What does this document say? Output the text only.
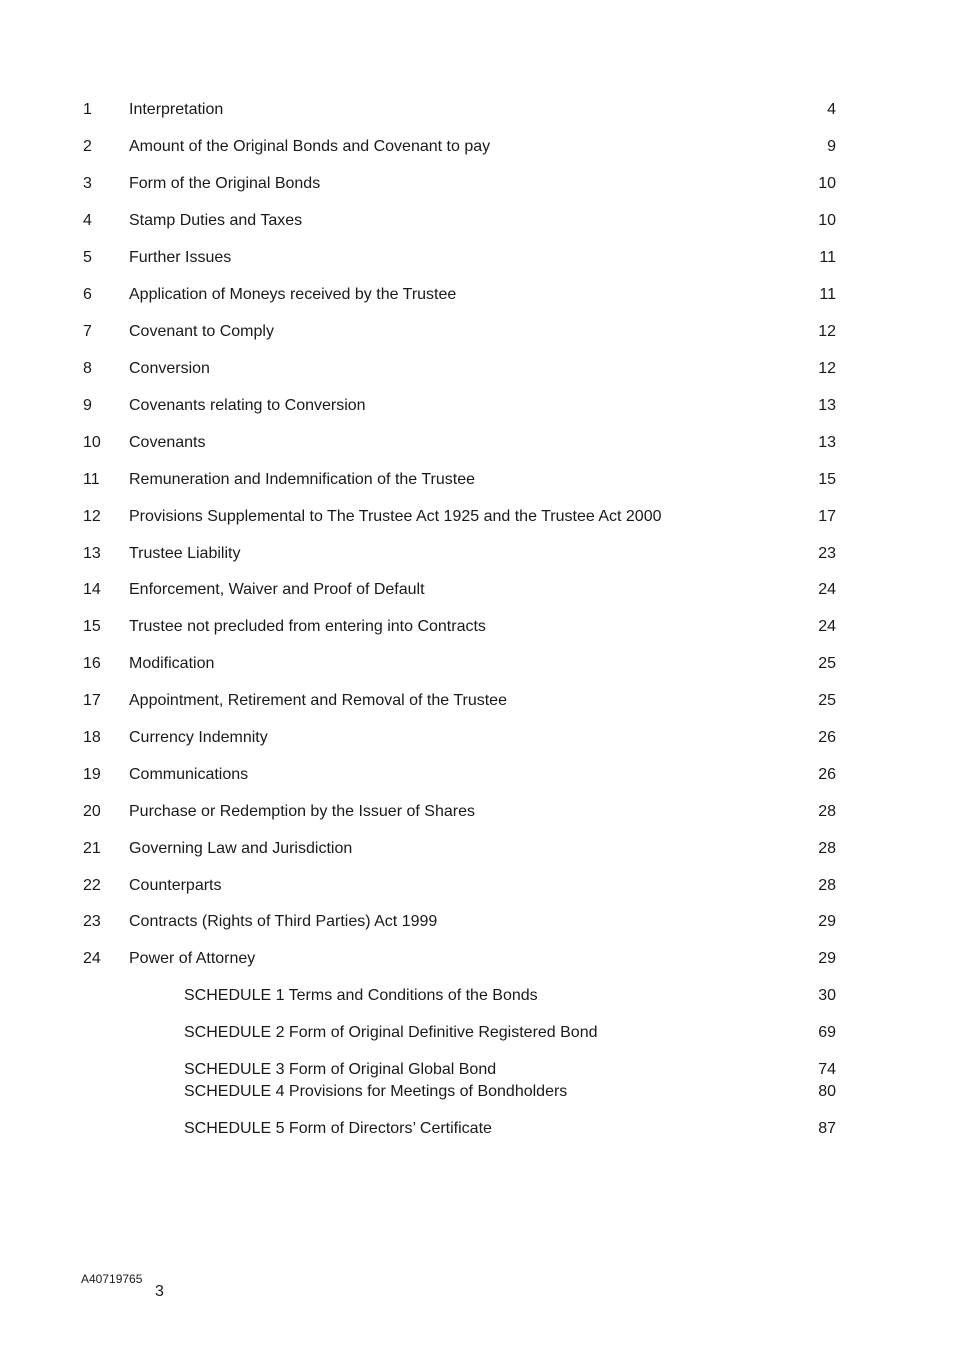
1 Interpretation	4
2 Amount of the Original Bonds and Covenant to pay	9
3 Form of the Original Bonds	10
4 Stamp Duties and Taxes	10
5 Further Issues	11
6 Application of Moneys received by the Trustee	11
7 Covenant to Comply	12
8 Conversion	12
9 Covenants relating to Conversion	13
10 Covenants	13
11 Remuneration and Indemnification of the Trustee	15
12 Provisions Supplemental to The Trustee Act 1925 and the Trustee Act 2000	17
13 Trustee Liability	23
14 Enforcement, Waiver and Proof of Default	24
15 Trustee not precluded from entering into Contracts	24
16 Modification	25
17 Appointment, Retirement and Removal of the Trustee	25
18 Currency Indemnity	26
19 Communications	26
20 Purchase or Redemption by the Issuer of Shares	28
21 Governing Law and Jurisdiction	28
22 Counterparts	28
23 Contracts (Rights of Third Parties) Act 1999	29
24 Power of Attorney	29
SCHEDULE 1 Terms and Conditions of the Bonds	30
SCHEDULE 2 Form of Original Definitive Registered Bond	69
SCHEDULE 3 Form of Original Global Bond	74
SCHEDULE 4 Provisions for Meetings of Bondholders	80
SCHEDULE 5 Form of Directors’ Certificate	87
A40719765
3
